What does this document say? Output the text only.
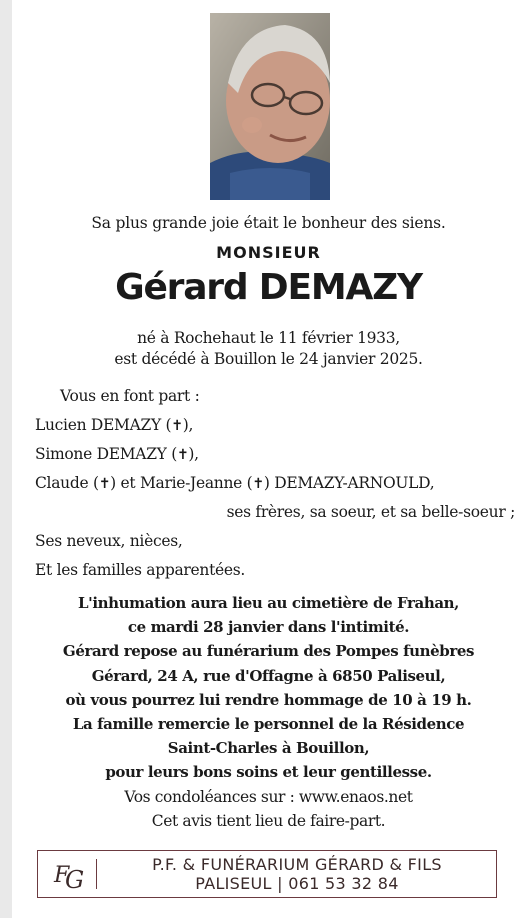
Sa plus grande joie était le bonheur des siens.
MONSIEUR
Gérard DEMAZY
né à Rochehaut le 11 février 1933,
est décédé à Bouillon le 24 janvier 2025.
Vous en font part :
Lucien DEMAZY (✝),
Simone DEMAZY (✝),
Claude (✝) et Marie-Jeanne (✝) DEMAZY-ARNOULD,
ses frères, sa soeur, et sa belle-soeur ;
Ses neveux, nièces,
Et les familles apparentées.
L'inhumation aura lieu au cimetière de Frahan,
ce mardi 28 janvier dans l'intimité.
Gérard repose au funérarium des Pompes funèbres
Gérard, 24 A, rue d'Offagne à 6850 Paliseul,
où vous pourrez lui rendre hommage de 10 à 19 h.
La famille remercie le personnel de la Résidence
Saint-Charles à Bouillon,
pour leurs bons soins et leur gentillesse.
Vos condoléances sur : www.enaos.net
Cet avis tient lieu de faire-part.
F
G
P.F. & FUNÉRARIUM GÉRARD & FILS
PALISEUL | 061 53 32 84
